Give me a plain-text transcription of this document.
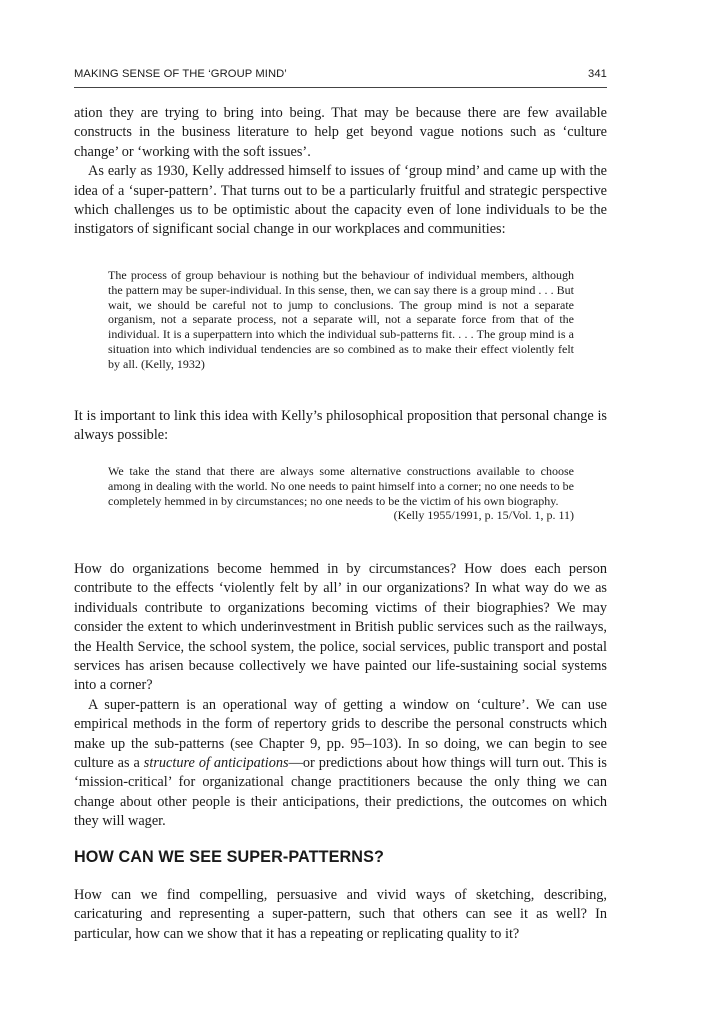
MAKING SENSE OF THE ‘GROUP MIND’	341

ation they are trying to bring into being. That may be because there are few available constructs in the business literature to help get beyond vague notions such as ‘culture change’ or ‘working with the soft issues’.

As early as 1930, Kelly addressed himself to issues of ‘group mind’ and came up with the idea of a ‘super-pattern’. That turns out to be a particularly fruitful and strategic perspective which challenges us to be optimistic about the capacity even of lone individuals to be the instigators of significant social change in our workplaces and communities:

The process of group behaviour is nothing but the behaviour of individual members, although the pattern may be super-individual. In this sense, then, we can say there is a group mind . . . But wait, we should be careful not to jump to conclusions. The group mind is not a separate organism, not a separate process, not a separate will, not a separate force from that of the individual. It is a superpattern into which the individual sub-patterns fit. . . . The group mind is a situation into which individual tendencies are so combined as to make their effect violently felt by all. (Kelly, 1932)

It is important to link this idea with Kelly’s philosophical proposition that personal change is always possible:

We take the stand that there are always some alternative constructions available to choose among in dealing with the world. No one needs to paint himself into a corner; no one needs to be completely hemmed in by circumstances; no one needs to be the victim of his own biography.

(Kelly 1955/1991, p. 15/Vol. 1, p. 11)

How do organizations become hemmed in by circumstances? How does each person contribute to the effects ‘violently felt by all’ in our organizations? In what way do we as individuals contribute to organizations becoming victims of their biographies? We may consider the extent to which underinvestment in British public services such as the railways, the Health Service, the school system, the police, social services, public transport and postal services has arisen because collectively we have painted our life-sustaining social systems into a corner?

A super-pattern is an operational way of getting a window on ‘culture’. We can use empirical methods in the form of repertory grids to describe the personal constructs which make up the sub-patterns (see Chapter 9, pp. 95–103). In so doing, we can begin to see culture as a structure of anticipations—or predictions about how things will turn out. This is ‘mission-critical’ for organizational change practitioners because the only thing we can change about other people is their anticipations, their predictions, the outcomes on which they will wager.

HOW CAN WE SEE SUPER-PATTERNS?

How can we find compelling, persuasive and vivid ways of sketching, describing, caricaturing and representing a super-pattern, such that others can see it as well? In particular, how can we show that it has a repeating or replicating quality to it?
